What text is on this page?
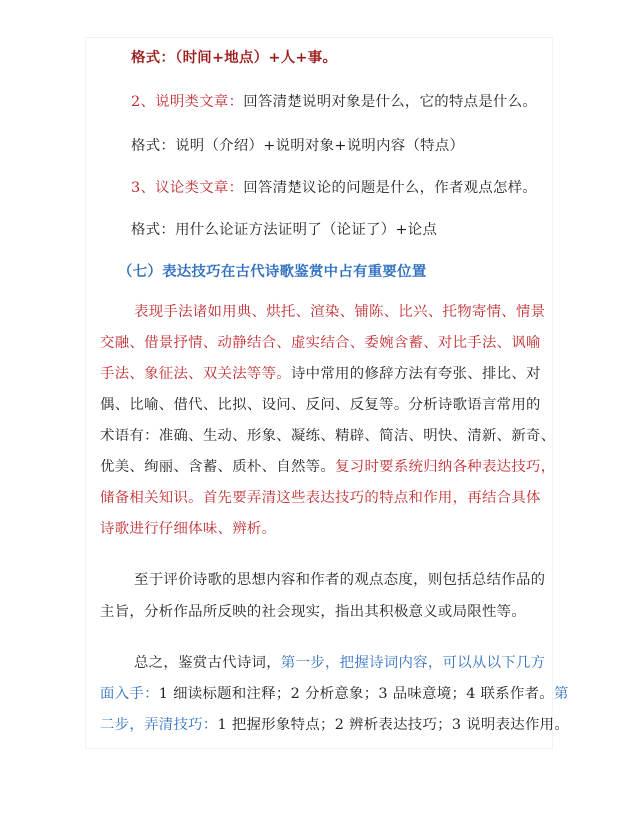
格式：（时间+地点）+人+事。
2、说明类文章：回答清楚说明对象是什么，它的特点是什么。
格式：说明（介绍）+说明对象+说明内容（特点）
3、议论类文章：回答清楚议论的问题是什么，作者观点怎样。
格式：用什么论证方法证明了（论证了）+论点
（七）表达技巧在古代诗歌鉴赏中占有重要位置
表现手法诸如用典、烘托、渲染、铺陈、比兴、托物寄情、情景
交融、借景抒情、动静结合、虚实结合、委婉含蓄、对比手法、讽喻
手法、象征法、双关法等等。诗中常用的修辞方法有夸张、排比、对
偶、比喻、借代、比拟、设问、反问、反复等。分析诗歌语言常用的
术语有：准确、生动、形象、凝练、精辟、简洁、明快、清新、新奇、
优美、绚丽、含蓄、质朴、自然等。复习时要系统归纳各种表达技巧，
储备相关知识。首先要弄清这些表达技巧的特点和作用，再结合具体
诗歌进行仔细体味、辨析。
至于评价诗歌的思想内容和作者的观点态度，则包括总结作品的
主旨，分析作品所反映的社会现实，指出其积极意义或局限性等。
总之，鉴赏古代诗词，第一步，把握诗词内容，可以从以下几方
面入手：1 细读标题和注释；2 分析意象；3 品味意境；4 联系作者。第
二步，弄清技巧：1 把握形象特点；2 辨析表达技巧；3 说明表达作用。
